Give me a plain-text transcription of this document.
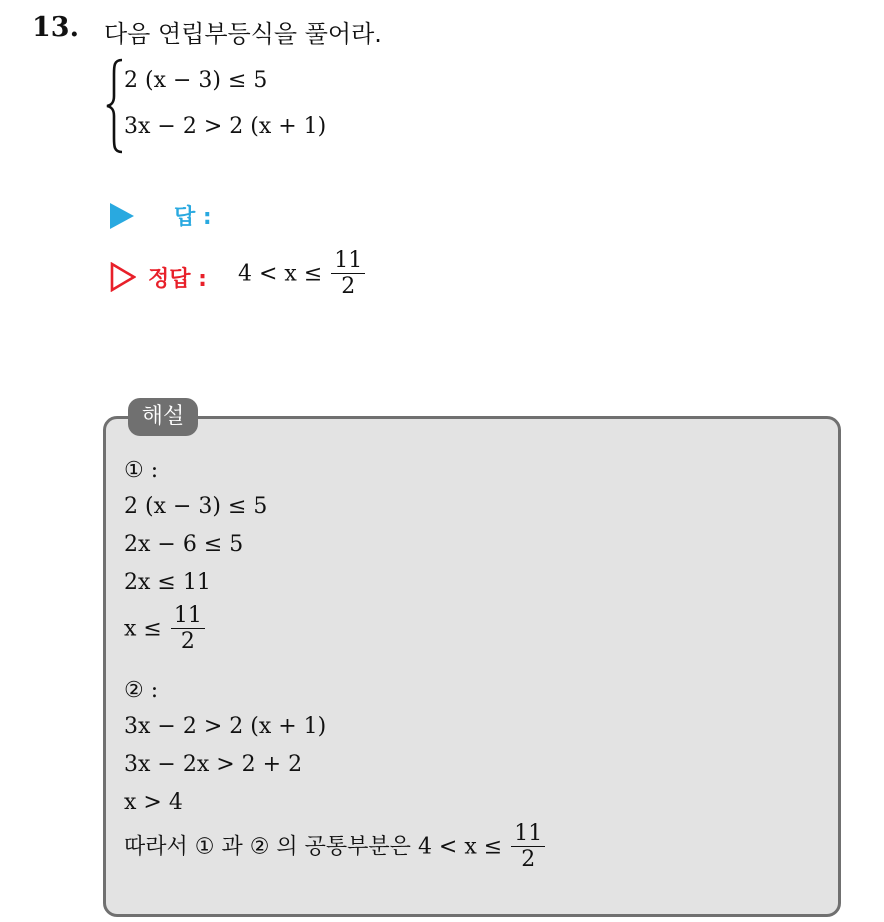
13. 다음 연립부등식을 풀어라.
2 (x − 3) ≤ 5
3x − 2 > 2 (x + 1)
답 :
정답 : $4 < x \le \frac{11}{2}$
해설
① :
2 (x − 3) ≤ 5
2x − 6 ≤ 5
2x ≤ 11
$x \le \frac{11}{2}$
② :
3x − 2 > 2 (x + 1)
3x − 2x > 2 + 2
x > 4
따라서 ① 과 ② 의 공통부분은 $4 < x \le \frac{11}{2}$
